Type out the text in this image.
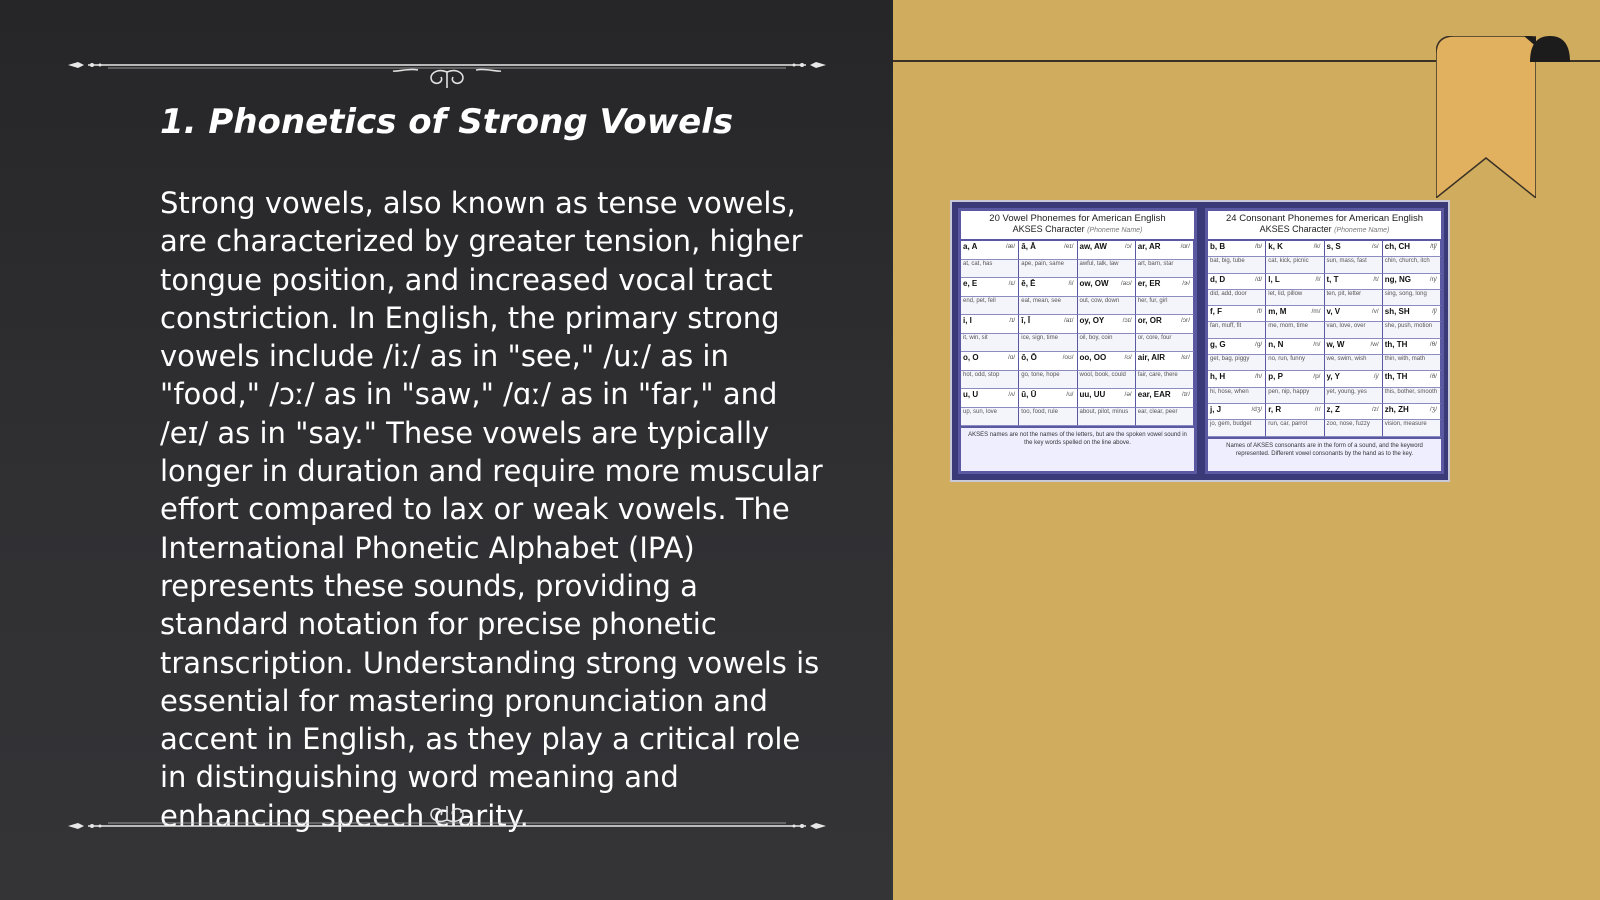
1. Phonetics of Strong Vowels

Strong vowels, also known as tense vowels, are characterized by greater tension, higher tongue position, and increased vocal tract constriction. In English, the primary strong vowels include /iː/ as in "see," /uː/ as in "food," /ɔː/ as in "saw," /ɑː/ as in "far," and /eɪ/ as in "say." These vowels are typically longer in duration and require more muscular effort compared to lax or weak vowels. The International Phonetic Alphabet (IPA) represents these sounds, providing a standard notation for precise phonetic transcription. Understanding strong vowels is essential for mastering pronunciation and accent in English, as they play a critical role in distinguishing word meaning and enhancing speech clarity.

20 Vowel Phonemes for American English
AKSES Character (Phoneme Name)
a, A	/æ/ ā, Ā	/eɪ/ aw, AW	/ɔ/ ar, AR	/ɑr/
at, cat, has	ape, pain, same	awful, talk, law	art, barn, star
e, E	/ɛ/ ē, Ē	/i/ ow, OW /aʊ/ er, ER	/ɝ/
end, pet, fell	eat, mean, see	out, cow, down	her, fur, girl
i, I	/ɪ/ ī, Ī	/aɪ/ oy, OY	/ɔɪ/ or, OR	/ɔr/
it, win, sit	ice, sign, time	oil, boy, coin	or, core, four
o, O	/ɑ/ ō, Ō	/oʊ/ oo, OO	/ʊ/ air, AIR /ɛr/
hot, odd, stop	go, tone, hope	wool, book, could	fair, care, there
u, U	/ʌ/ ū, Ū	/u/ uu, UU	/ə/ ear, EAR /ɪr/
up, sun, love	too, food, rule	about, pilot, minus	ear, clear, peer
AKSES names are not the names of the letters, but are the spoken vowel sound in the key words spelled on the line above.
24 Consonant Phonemes for American English
AKSES Character (Phoneme Name)
b, B	/b/ k, K	/k/ s, S	/s/ ch, CH	/tʃ/
bat, big, tube	cat, kick, picnic	sun, mass, fast	chin, church, itch
d, D	/d/ l, L	/l/ t, T	/t/ ng, NG	/ŋ/
did, add, door	let, lid, pillow	ten, pit, letter	sing, song, long
f, F	/f/ m, M	/m/ v, V	/v/ sh, SH	/ʃ/
fan, muff, fit	me, mom, time	van, love, over	she, push, motion
g, G	/g/ n, N	/n/ w, W	/w/ th, TH	/θ/
get, bag, piggy	no, run, funny	we, swim, wish	thin, with, math
h, H	/h/ p, P	/p/ y, Y	/j/ th, TH	/ð/
hi, hose, when	pen, nip, happy	yet, young, yes	this, bother, smooth
j, J	/dʒ/ r, R	/r/ z, Z	/z/ zh, ZH	/ʒ/
jo, gem, budget	run, car, parrot	zoo, nose, fuzzy	vision, measure
Names of AKSES consonants are in the form of a sound, and the keyword represented. Different vowel consonants by the hand as to the key.
